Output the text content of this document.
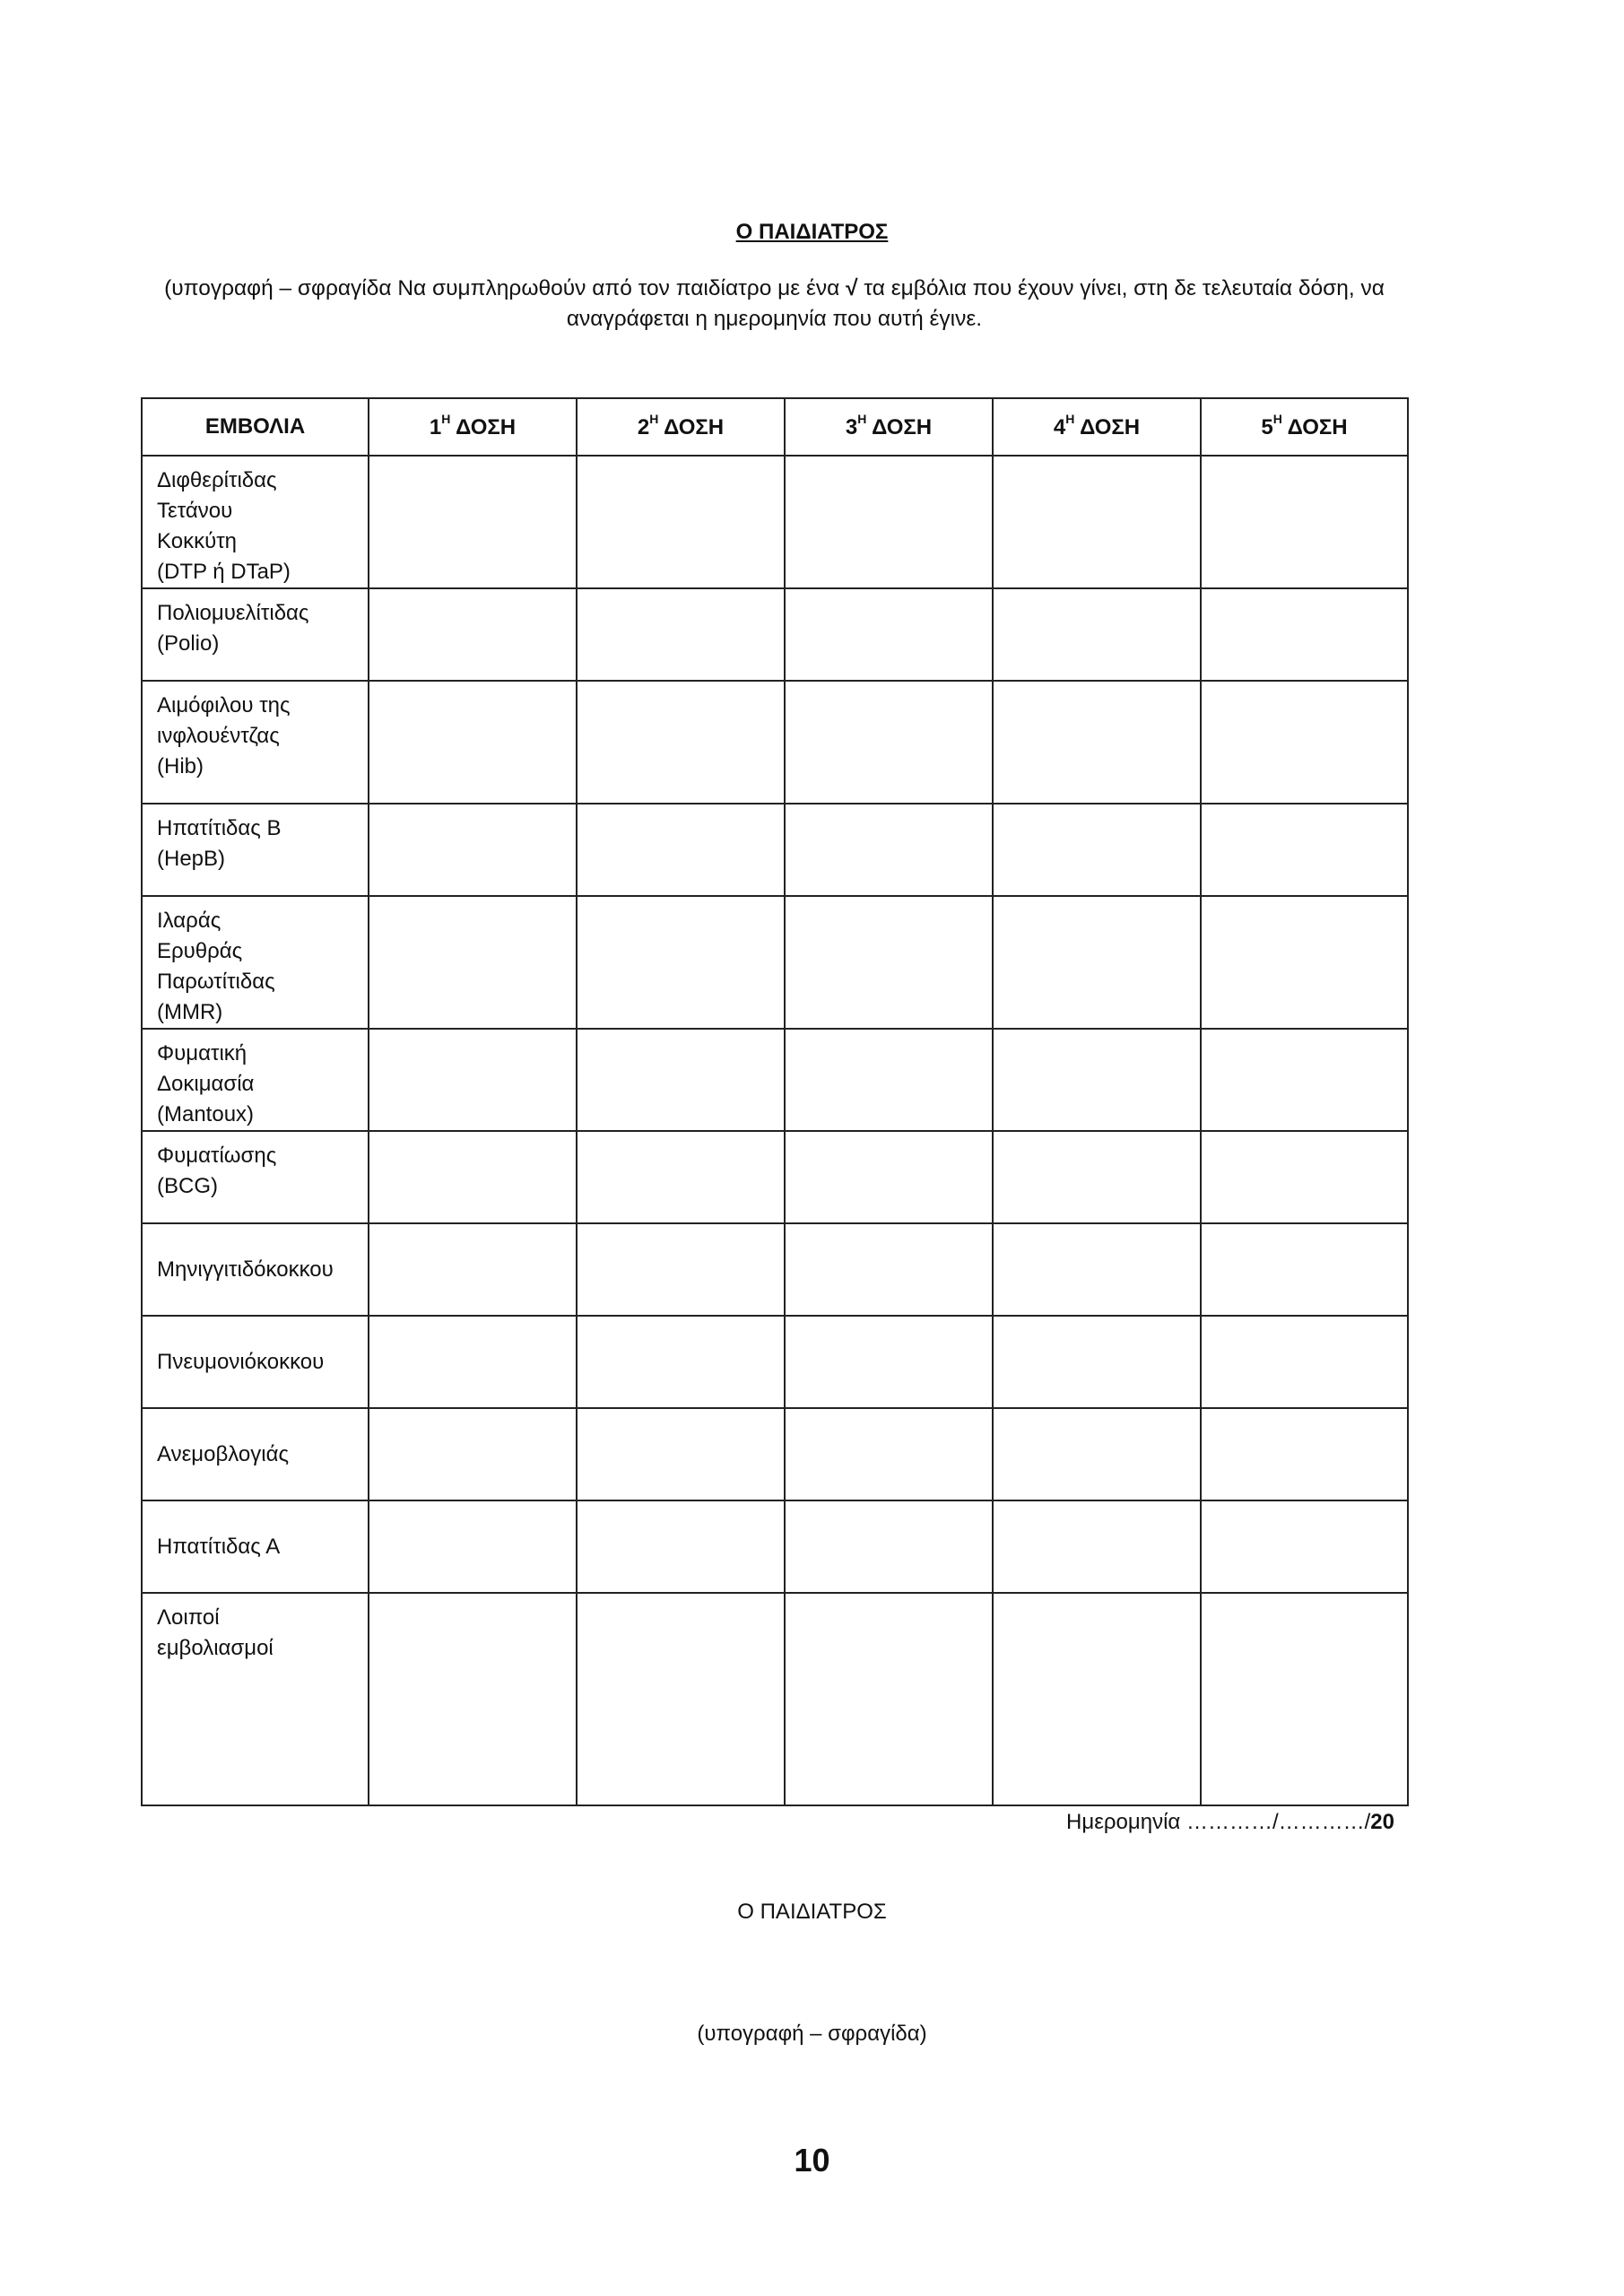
Ο ΠΑΙΔΙΑΤΡΟΣ
(υπογραφή – σφραγίδα Να συμπληρωθούν από τον παιδίατρο με ένα √ τα εμβόλια που έχουν γίνει, στη δε τελευταία δόση, να αναγράφεται η ημερομηνία που αυτή έγινε.
ΕΜΒΟΛΙΑ	$1^H$ ΔΟΣΗ	$2^H$ ΔΟΣΗ	$3^H$ ΔΟΣΗ	$4^H$ ΔΟΣΗ	$5^H$ ΔΟΣΗ

Διφθερίτιδας
Τετάνου
Κοκκύτη
(DTP ή DTaP)					

Πολιομυελίτιδας
(Polio)					

Αιμόφιλου της
ινφλουέντζας
(Hib)					

Ηπατίτιδας Β
(HepB)					

Ιλαράς
Ερυθράς
Παρωτίτιδας
(MMR)					

Φυματική
Δοκιμασία
(Mantoux)					

Φυματίωσης
(BCG)					

Μηνιγγιτιδόκοκκου					

Πνευμονιόκοκκου					

Ανεμοβλογιάς					

Ηπατίτιδας Α					

Λοιποί
εμβολιασμοί					

Ημερομηνία …………/…………/20
Ο ΠΑΙΔΙΑΤΡΟΣ
(υπογραφή – σφραγίδα)
10
